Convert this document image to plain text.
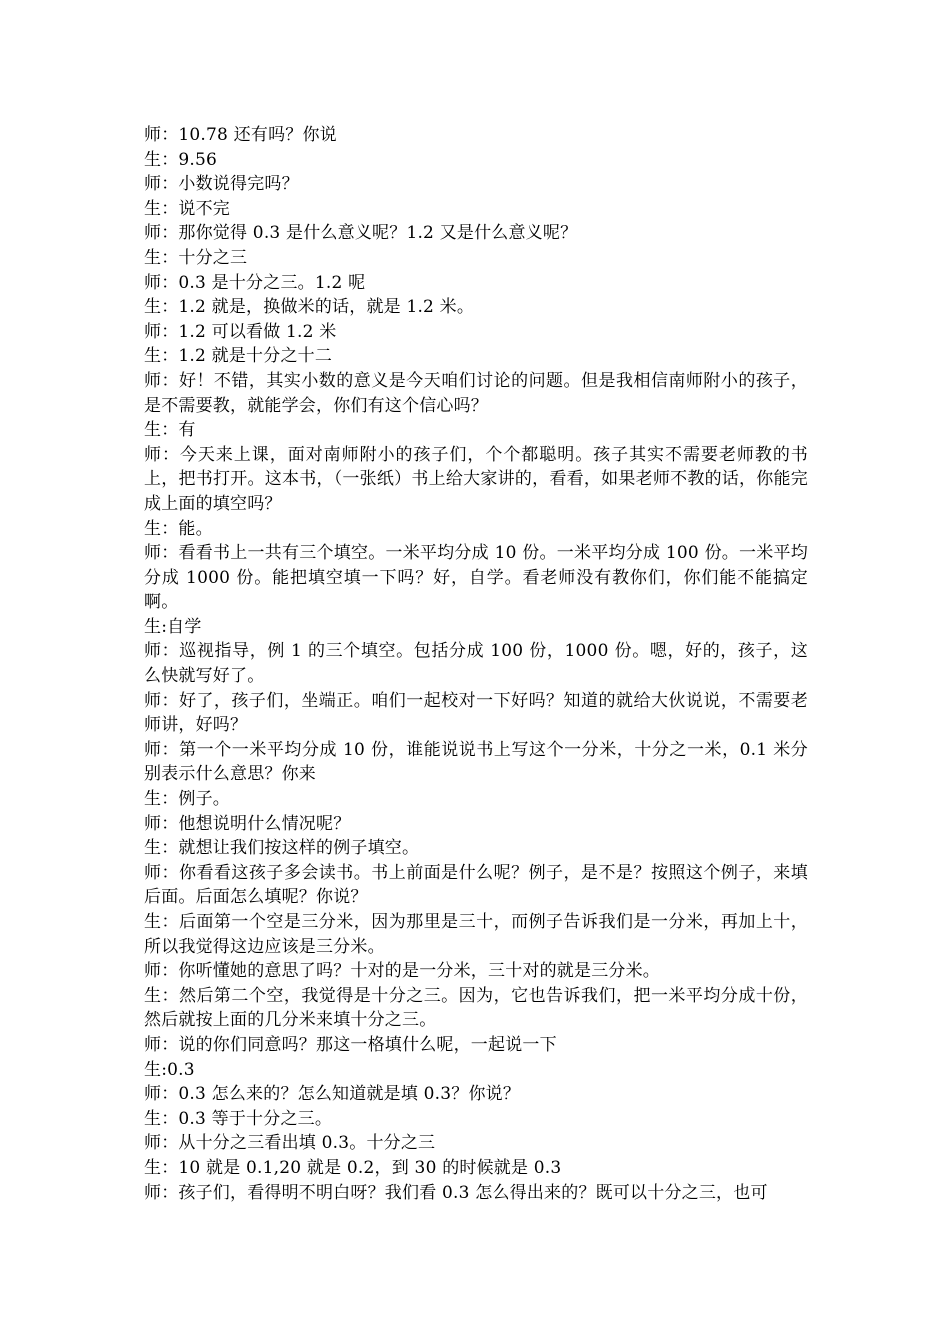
师：10.78 还有吗？你说

生：9.56

师：小数说得完吗？

生：说不完

师：那你觉得 0.3 是什么意义呢？1.2 又是什么意义呢？

生：十分之三

师：0.3 是十分之三。1.2 呢

生：1.2 就是，换做米的话，就是 1.2 米。

师：1.2 可以看做 1.2 米

生：1.2 就是十分之十二

师：好！不错，其实小数的意义是今天咱们讨论的问题。但是我相信南师附小的孩子，是不需要教，就能学会，你们有这个信心吗？

生：有

师：今天来上课，面对南师附小的孩子们，个个都聪明。孩子其实不需要老师教的书上，把书打开。这本书，（一张纸）书上给大家讲的，看看，如果老师不教的话，你能完成上面的填空吗？

生：能。

师：看看书上一共有三个填空。一米平均分成 10 份。一米平均分成 100 份。一米平均分成 1000 份。能把填空填一下吗？好，自学。看老师没有教你们，你们能不能搞定啊。

生:自学

师：巡视指导，例 1 的三个填空。包括分成 100 份，1000 份。嗯，好的，孩子，这么快就写好了。

师：好了，孩子们，坐端正。咱们一起校对一下好吗？知道的就给大伙说说，不需要老师讲，好吗？

师：第一个一米平均分成 10 份，谁能说说书上写这个一分米，十分之一米，0.1 米分别表示什么意思？你来

生：例子。

师：他想说明什么情况呢？

生：就想让我们按这样的例子填空。

师：你看看这孩子多会读书。书上前面是什么呢？例子，是不是？按照这个例子，来填后面。后面怎么填呢？你说？

生：后面第一个空是三分米，因为那里是三十，而例子告诉我们是一分米，再加上十，所以我觉得这边应该是三分米。

师：你听懂她的意思了吗？十对的是一分米，三十对的就是三分米。

生：然后第二个空，我觉得是十分之三。因为，它也告诉我们，把一米平均分成十份，然后就按上面的几分米来填十分之三。

师：说的你们同意吗？那这一格填什么呢，一起说一下

生:0.3

师：0.3 怎么来的？怎么知道就是填 0.3？你说？

生：0.3 等于十分之三。

师：从十分之三看出填 0.3。十分之三

生：10 就是 0.1,20 就是 0.2，到 30 的时候就是 0.3

师：孩子们，看得明不明白呀？我们看 0.3 怎么得出来的？既可以十分之三，也可
